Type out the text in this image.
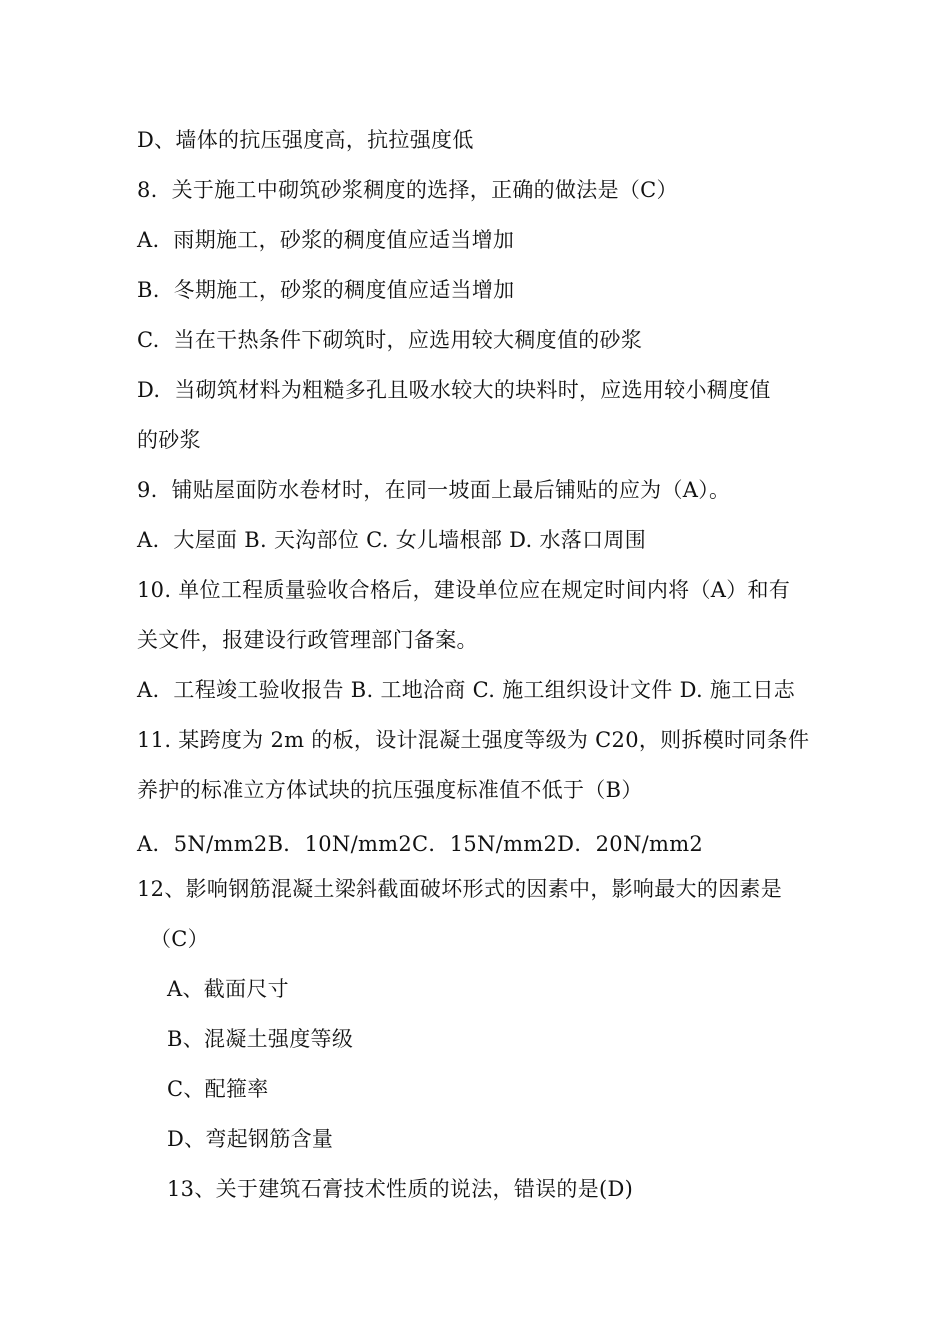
D、墙体的抗压强度高，抗拉强度低
8.  关于施工中砌筑砂浆稠度的选择，正确的做法是（C）
A.  雨期施工，砂浆的稠度值应适当增加
B.  冬期施工，砂浆的稠度值应适当增加
C.  当在干热条件下砌筑时，应选用较大稠度值的砂浆
D.  当砌筑材料为粗糙多孔且吸水较大的块料时，应选用较小稠度值
的砂浆
9.  铺贴屋面防水卷材时，在同一坡面上最后铺贴的应为（A）。
A.  大屋面 B. 天沟部位 C. 女儿墙根部 D. 水落口周围
10. 单位工程质量验收合格后，建设单位应在规定时间内将（A）和有
关文件，报建设行政管理部门备案。
A.  工程竣工验收报告 B. 工地洽商 C. 施工组织设计文件 D. 施工日志
11. 某跨度为 2m 的板，设计混凝土强度等级为 C20，则拆模时同条件
养护的标准立方体试块的抗压强度标准值不低于（B）
A．5N/mm2B．10N/mm2C．15N/mm2D．20N/mm2
12、影响钢筋混凝土梁斜截面破坏形式的因素中，影响最大的因素是
（C）
A、截面尺寸
B、混凝土强度等级
C、配箍率
D、弯起钢筋含量
13、关于建筑石膏技术性质的说法，错误的是(D)
